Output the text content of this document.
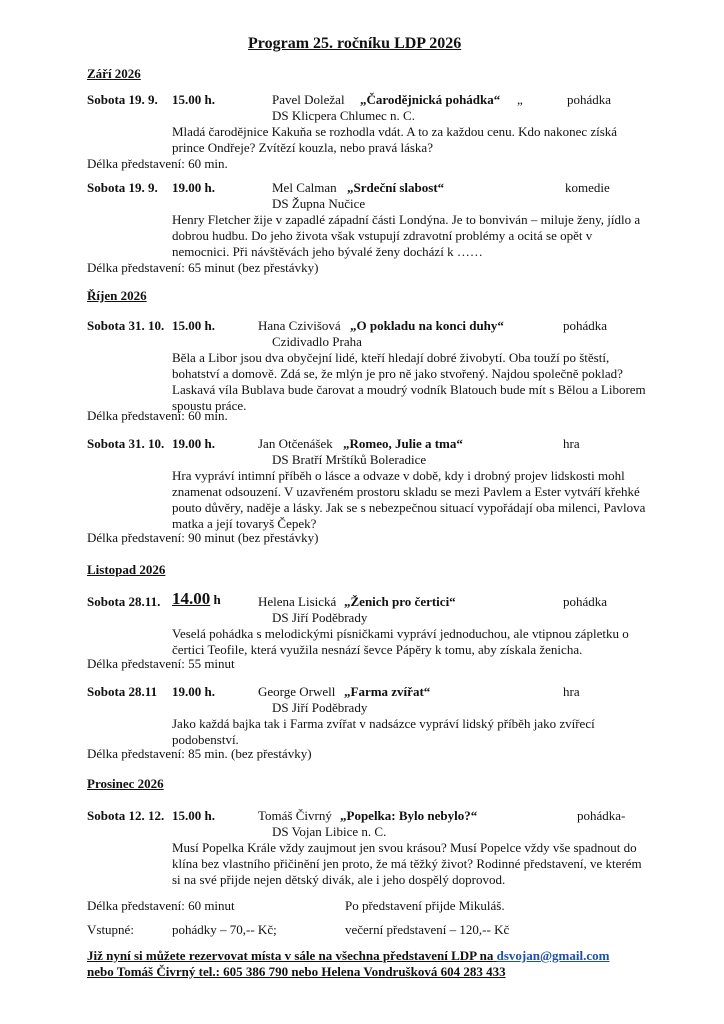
Program 25. ročníku LDP 2026
Září 2026
Sobota 19. 9. 15.00 h.	Pavel Doležal „Čarodějnická pohádka“ „	pohádka
DS Klicpera Chlumec n. C.
Mladá čarodějnice Kakuňa se rozhodla vdát. A to za každou cenu. Kdo nakonec získá prince Ondřeje? Zvítězí kouzla, nebo pravá láska?
Délka představení: 60 min.
Sobota 19. 9. 19.00 h.	Mel Calman „Srdeční slabost“	komedie
DS Župna Nučice
Henry Fletcher žije v zapadlé západní části Londýna. Je to bonviván – miluje ženy, jídlo a dobrou hudbu. Do jeho života však vstupují zdravotní problémy a ocitá se opět v nemocnici. Při návštěvách jeho bývalé ženy dochází k ……
Délka představení: 65 minut (bez přestávky)
Říjen 2026
Sobota 31. 10. 15.00 h.	Hana Czivišová „O pokladu na konci duhy“	pohádka
Czidivadlo Praha
Běla a Libor jsou dva obyčejní lidé, kteří hledají dobré živobytí. Oba touží po štěstí, bohatství a domově. Zdá se, že mlýn je pro ně jako stvořený. Najdou společně poklad? Laskavá víla Bublava bude čarovat a moudrý vodník Blatouch bude mít s Bělou a Liborem spoustu práce.
Délka představení: 60 min.
Sobota 31. 10. 19.00 h.	Jan Otčenášek „Romeo, Julie a tma“	hra
DS Bratří Mrštíků Boleradice
Hra vypráví intimní příběh o lásce a odvaze v době, kdy i drobný projev lidskosti mohl znamenat odsouzení. V uzavřeném prostoru skladu se mezi Pavlem a Ester vytváří křehké pouto důvěry, naděje a lásky. Jak se s nebezpečnou situací vypořádají oba milenci, Pavlova matka a její tovaryš Čepek?
Délka představení: 90 minut (bez přestávky)
Listopad 2026
Sobota 28.11. 14.00 h	Helena Lisická „Ženich pro čertici“	pohádka
DS Jiří Poděbrady
Veselá pohádka s melodickými písničkami vypráví jednoduchou, ale vtipnou zápletku o čertici Teofile, která využila nesnází ševce Pápěry k tomu, aby získala ženicha.
Délka představení: 55 minut
Sobota 28.11 19.00 h.	George Orwell „Farma zvířat“	hra
DS Jiří Poděbrady
Jako každá bajka tak i Farma zvířat v nadsázce vypráví lidský příběh jako zvířecí podobenství.
Délka představení: 85 min. (bez přestávky)
Prosinec 2026
Sobota 12. 12. 15.00 h.	Tomáš Čivrný „Popelka: Bylo nebylo?“	pohádka-
DS Vojan Libice n. C.
Musí Popelka Krále vždy zaujmout jen svou krásou? Musí Popelce vždy vše spadnout do klína bez vlastního přičinění jen proto, že má těžký život? Rodinné představení, ve kterém si na své přijde nejen dětský divák, ale i jeho dospělý doprovod.
Délka představení: 60 minut	Po představení přijde Mikuláš.
Vstupné:	pohádky – 70,-- Kč;	večerní představení – 120,-- Kč
Již nyní si můžete rezervovat místa v sále na všechna představení LDP na dsvojan@gmail.com
nebo Tomáš Čivrný tel.: 605 386 790 nebo Helena Vondrušková 604 283 433
